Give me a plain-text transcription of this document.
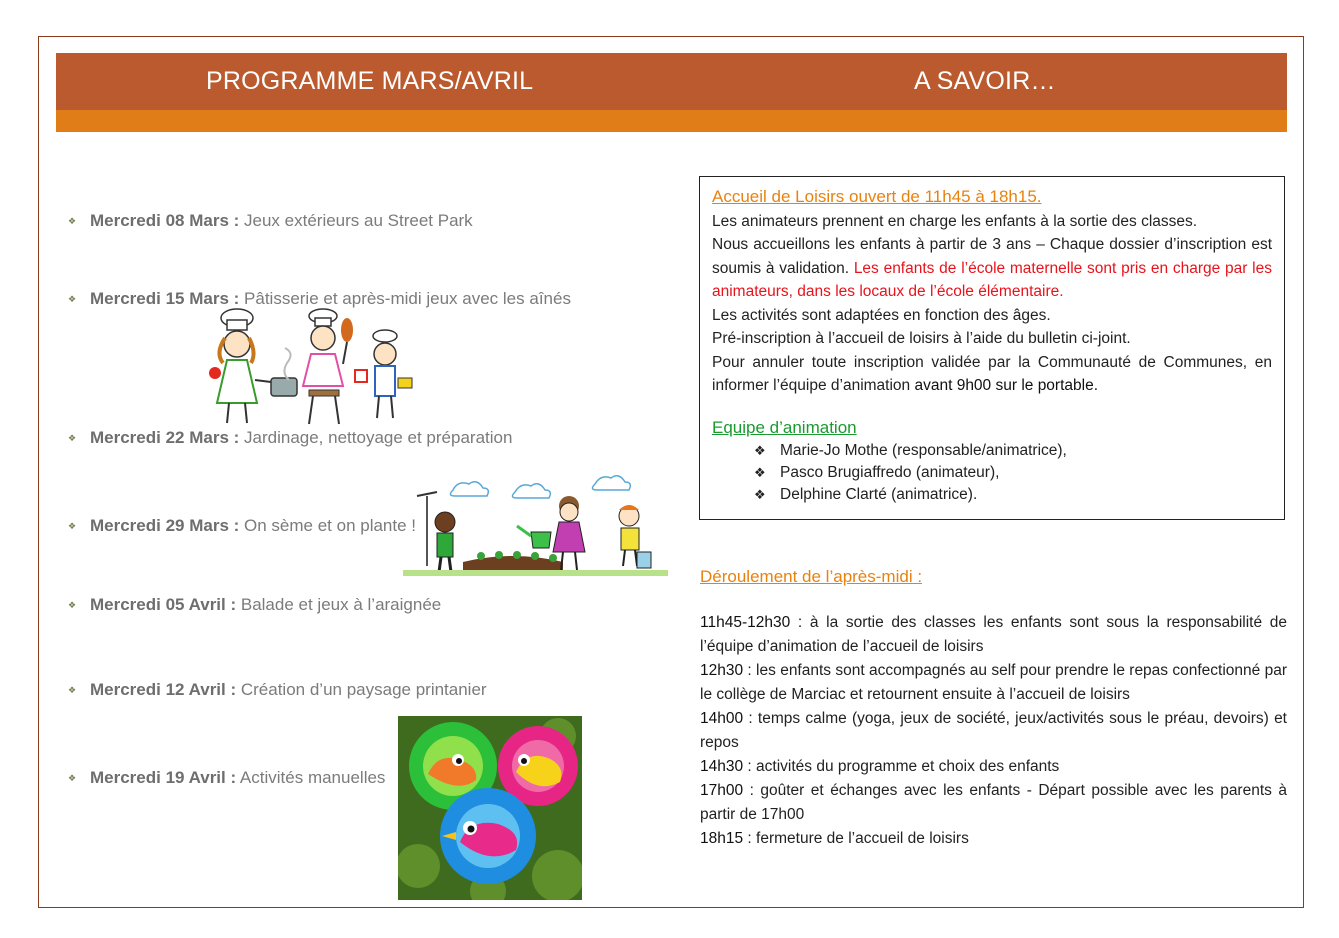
PROGRAMME MARS/AVRIL	A SAVOIR…
❖ Mercredi 08 Mars : Jeux extérieurs au Street Park
❖ Mercredi 15 Mars : Pâtisserie et après-midi jeux avec les aînés
❖ Mercredi 22 Mars : Jardinage, nettoyage et préparation
❖ Mercredi 29 Mars : On sème et on plante !
❖ Mercredi 05 Avril : Balade et jeux à l’araignée
❖ Mercredi 12 Avril : Création d’un paysage printanier
❖ Mercredi 19 Avril : Activités manuelles

Accueil de Loisirs ouvert de 11h45 à 18h15.

Les animateurs prennent en charge les enfants à la sortie des classes.

Nous accueillons les enfants à partir de 3 ans – Chaque dossier d’inscription est soumis à validation. Les enfants de l’école maternelle sont pris en charge par les animateurs, dans les locaux de l’école élémentaire.

Les activités sont adaptées en fonction des âges.

Pré-inscription à l’accueil de loisirs à l’aide du bulletin ci-joint.

Pour annuler toute inscription validée par la Communauté de Communes, en informer l’équipe d’animation avant 9h00 sur le portable.

Equipe d’animation

❖ Marie-Jo Mothe (responsable/animatrice),
❖ Pasco Brugiaffredo (animateur),
❖ Delphine Clarté (animatrice).
Déroulement de l’après-midi :

11h45-12h30 : à la sortie des classes les enfants sont sous la responsabilité de l’équipe d’animation de l’accueil de loisirs

12h30 : les enfants sont accompagnés au self pour prendre le repas confectionné par le collège de Marciac et retournent ensuite à l’accueil de loisirs

14h00 : temps calme (yoga, jeux de société, jeux/activités sous le préau, devoirs) et repos

14h30 : activités du programme et choix des enfants

17h00 : goûter et échanges avec les enfants - Départ possible avec les parents à partir de 17h00

18h15 : fermeture de l’accueil de loisirs
